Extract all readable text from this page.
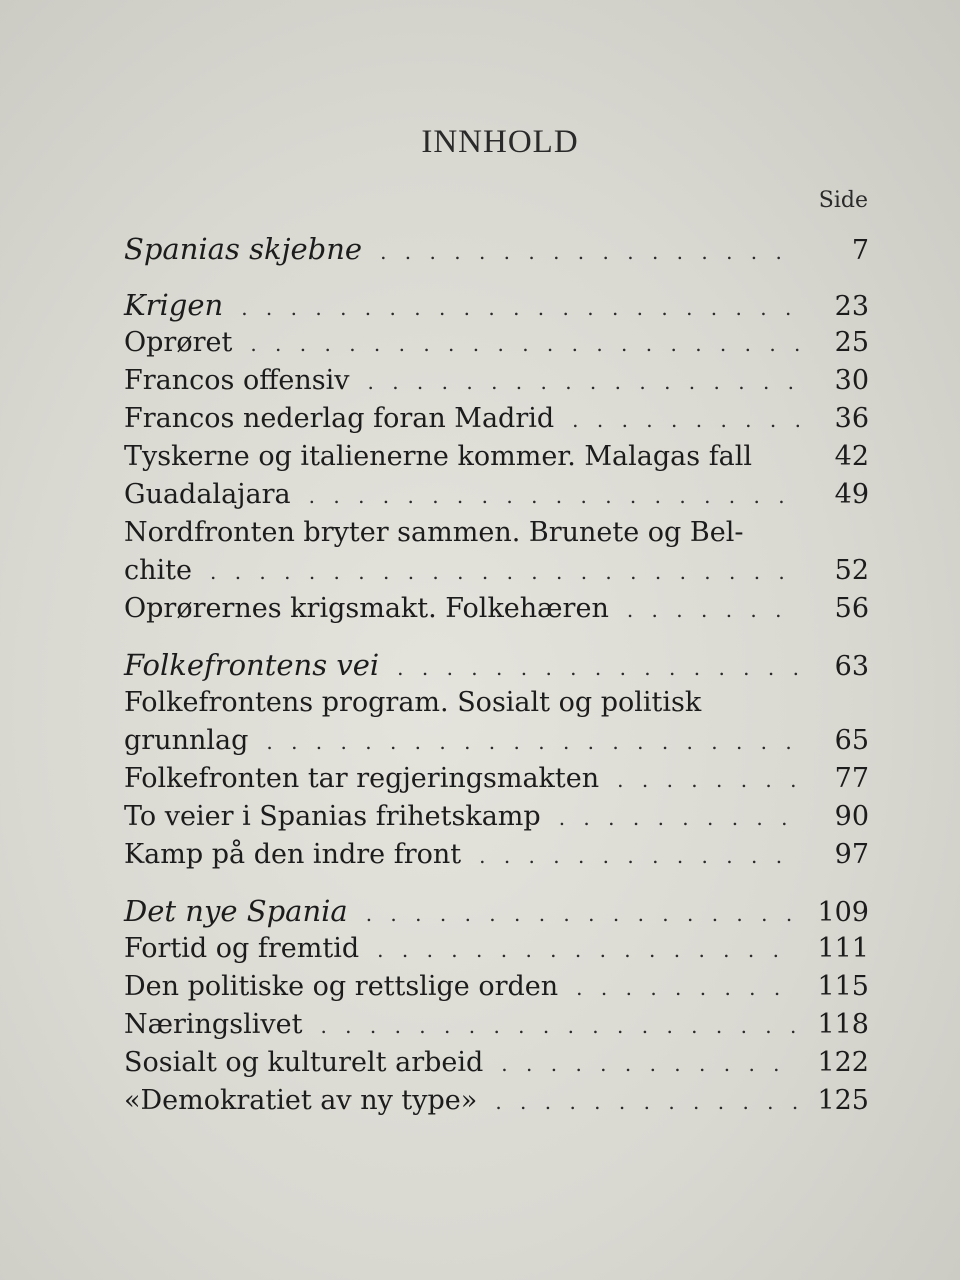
INNHOLD
Side
Spanias skjebne . . .	7
Krigen . . .	23
Oprøret . . .	25
Francos offensiv . . .	30
Francos nederlag foran Madrid . . .	36
Tyskerne og italienerne kommer. Malagas fall	42
Guadalajara . . .	49
Nordfronten bryter sammen. Brunete og Bel-
chite . . .	52
Oprørernes krigsmakt. Folkehæren . . .	56
Folkefrontens vei . . .	63
Folkefrontens program. Sosialt og politisk
grunnlag . . .	65
Folkefronten tar regjeringsmakten . . .	77
To veier i Spanias frihetskamp . . .	90
Kamp på den indre front . . .	97
Det nye Spania . . .	109
Fortid og fremtid . . .	111
Den politiske og rettslige orden . . .	115
Næringslivet . . .	118
Sosialt og kulturelt arbeid . . .	122
«Demokratiet av ny type» . . .	125
